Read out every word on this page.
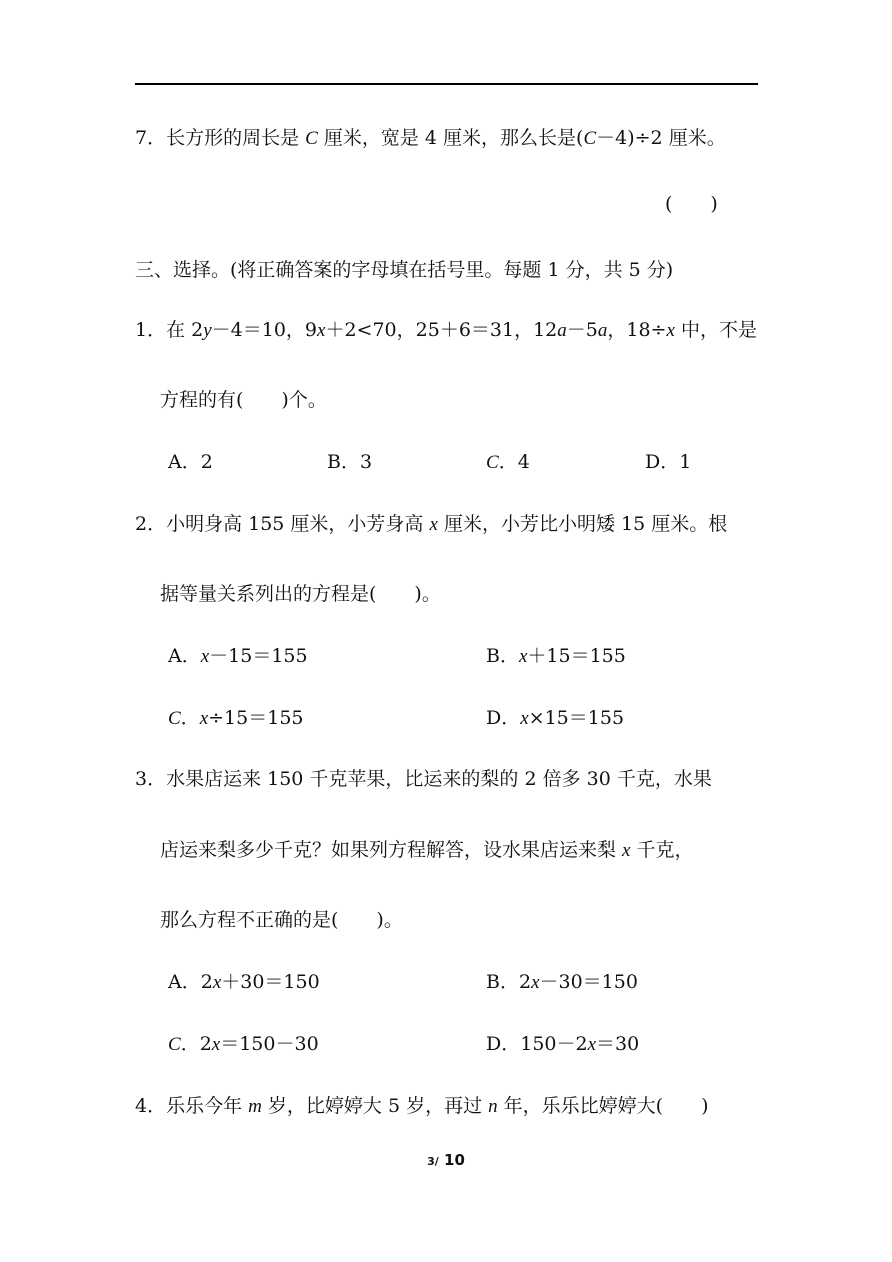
7．长方形的周长是 C 厘米，宽是 4 厘米，那么长是(C－4)÷2 厘米。
(　　)
三、选择。(将正确答案的字母填在括号里。每题 1 分，共 5 分)
1．在 2y－4＝10，9x＋2<70，25＋6＝31，12a－5a，18÷x 中，不是
方程的有(　　)个。
A．2	B．3	C．4	D．1
2．小明身高 155 厘米，小芳身高 x 厘米，小芳比小明矮 15 厘米。根
据等量关系列出的方程是(　　)。
A．x－15＝155	B．x＋15＝155
C．x÷15＝155	D．x×15＝155
3．水果店运来 150 千克苹果，比运来的梨的 2 倍多 30 千克，水果
店运来梨多少千克？如果列方程解答，设水果店运来梨 x 千克，
那么方程不正确的是(　　)。
A．2x＋30＝150	B．2x－30＝150
C．2x＝150－30	D．150－2x＝30
4．乐乐今年 m 岁，比婷婷大 5 岁，再过 n 年，乐乐比婷婷大(　　)
3/ 10
